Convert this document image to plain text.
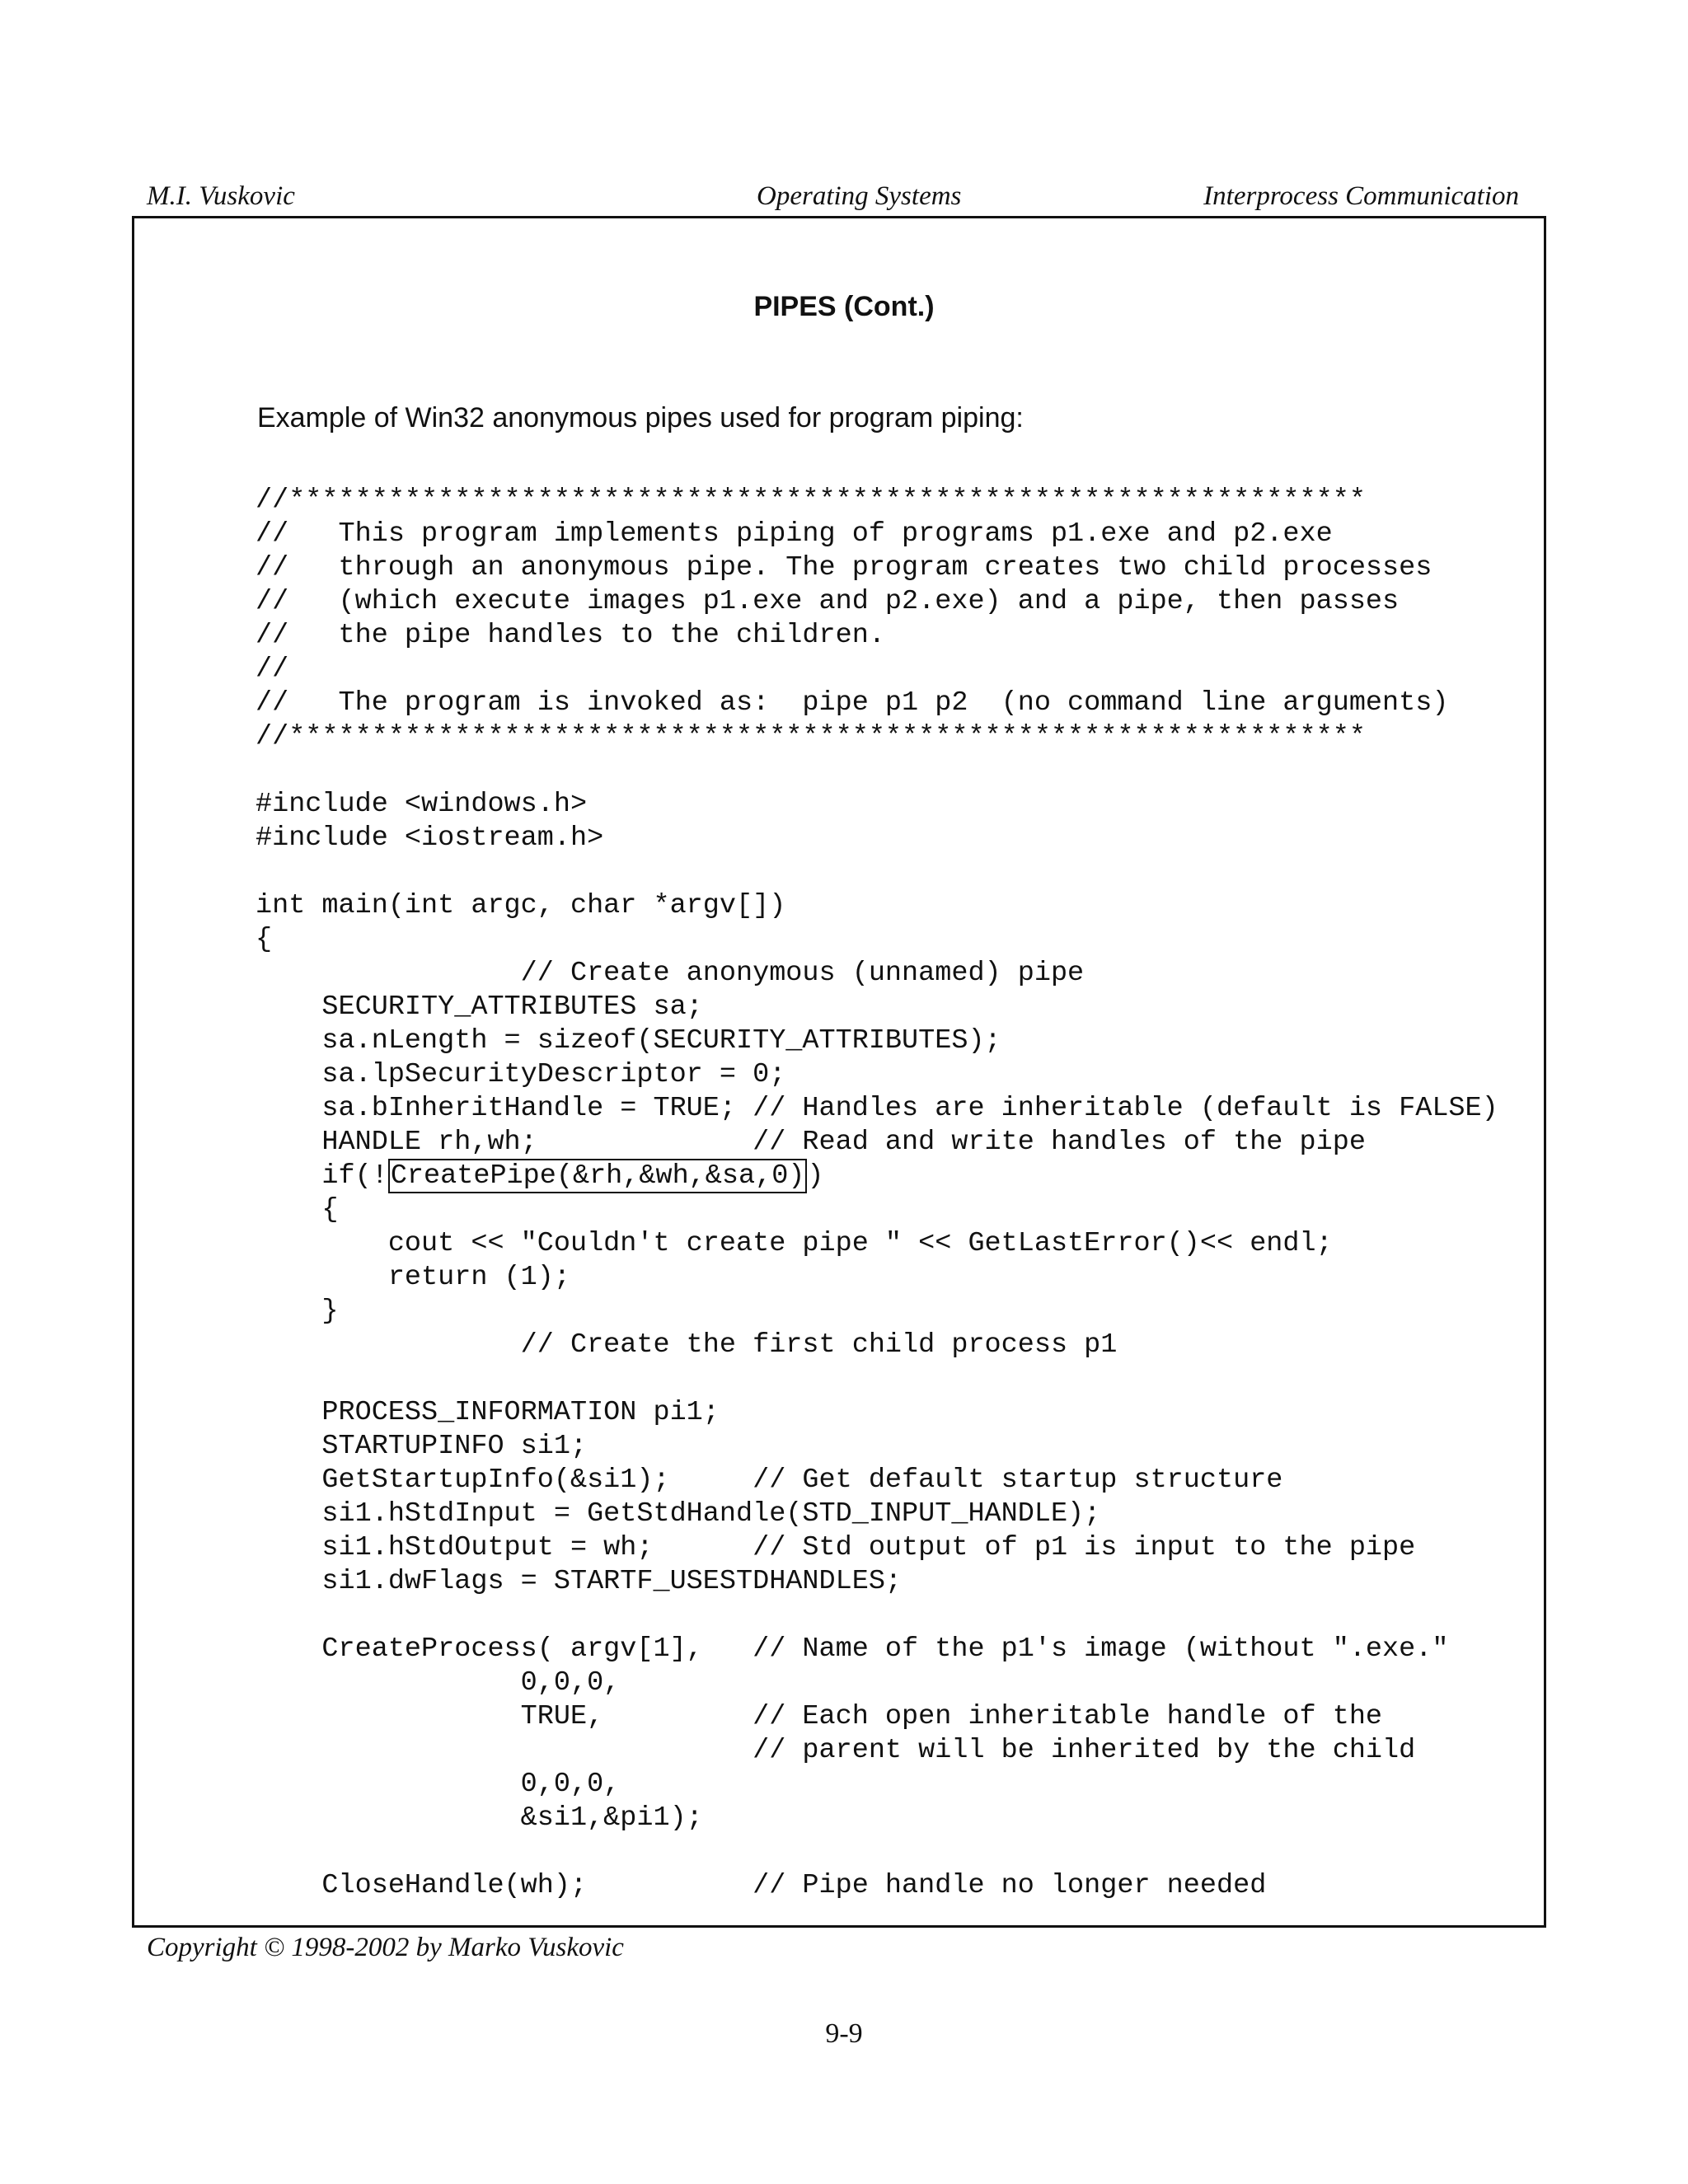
M.I. Vuskovic	Operating Systems	Interprocess Communication
PIPES (Cont.)
Example of Win32 anonymous pipes used for program piping:
//*****************************************************************
//   This program implements piping of programs p1.exe and p2.exe
//   through an anonymous pipe. The program creates two child processes
//   (which execute images p1.exe and p2.exe) and a pipe, then passes
//   the pipe handles to the children.
//
//   The program is invoked as:  pipe p1 p2  (no command line arguments)
//*****************************************************************

#include <windows.h>
#include <iostream.h>

int main(int argc, char *argv[])
{
// Create anonymous (unnamed) pipe
SECURITY_ATTRIBUTES sa;
sa.nLength = sizeof(SECURITY_ATTRIBUTES);
sa.lpSecurityDescriptor = 0;
sa.bInheritHandle = TRUE; // Handles are inheritable (default is FALSE)
HANDLE rh,wh;             // Read and write handles of the pipe
if(!CreatePipe(&rh,&wh,&sa,0))
{
cout << "Couldn't create pipe " << GetLastError()<< endl;
return (1);
}
// Create the first child process p1

PROCESS_INFORMATION pi1;
STARTUPINFO si1;
GetStartupInfo(&si1);     // Get default startup structure
si1.hStdInput = GetStdHandle(STD_INPUT_HANDLE);
si1.hStdOutput = wh;      // Std output of p1 is input to the pipe
si1.dwFlags = STARTF_USESTDHANDLES;

CreateProcess( argv[1],   // Name of the p1's image (without ".exe."
0,0,0,
TRUE,         // Each open inheritable handle of the
// parent will be inherited by the child
0,0,0,
&si1,&pi1);

CloseHandle(wh);          // Pipe handle no longer needed
Copyright © 1998-2002 by Marko Vuskovic
9-9
